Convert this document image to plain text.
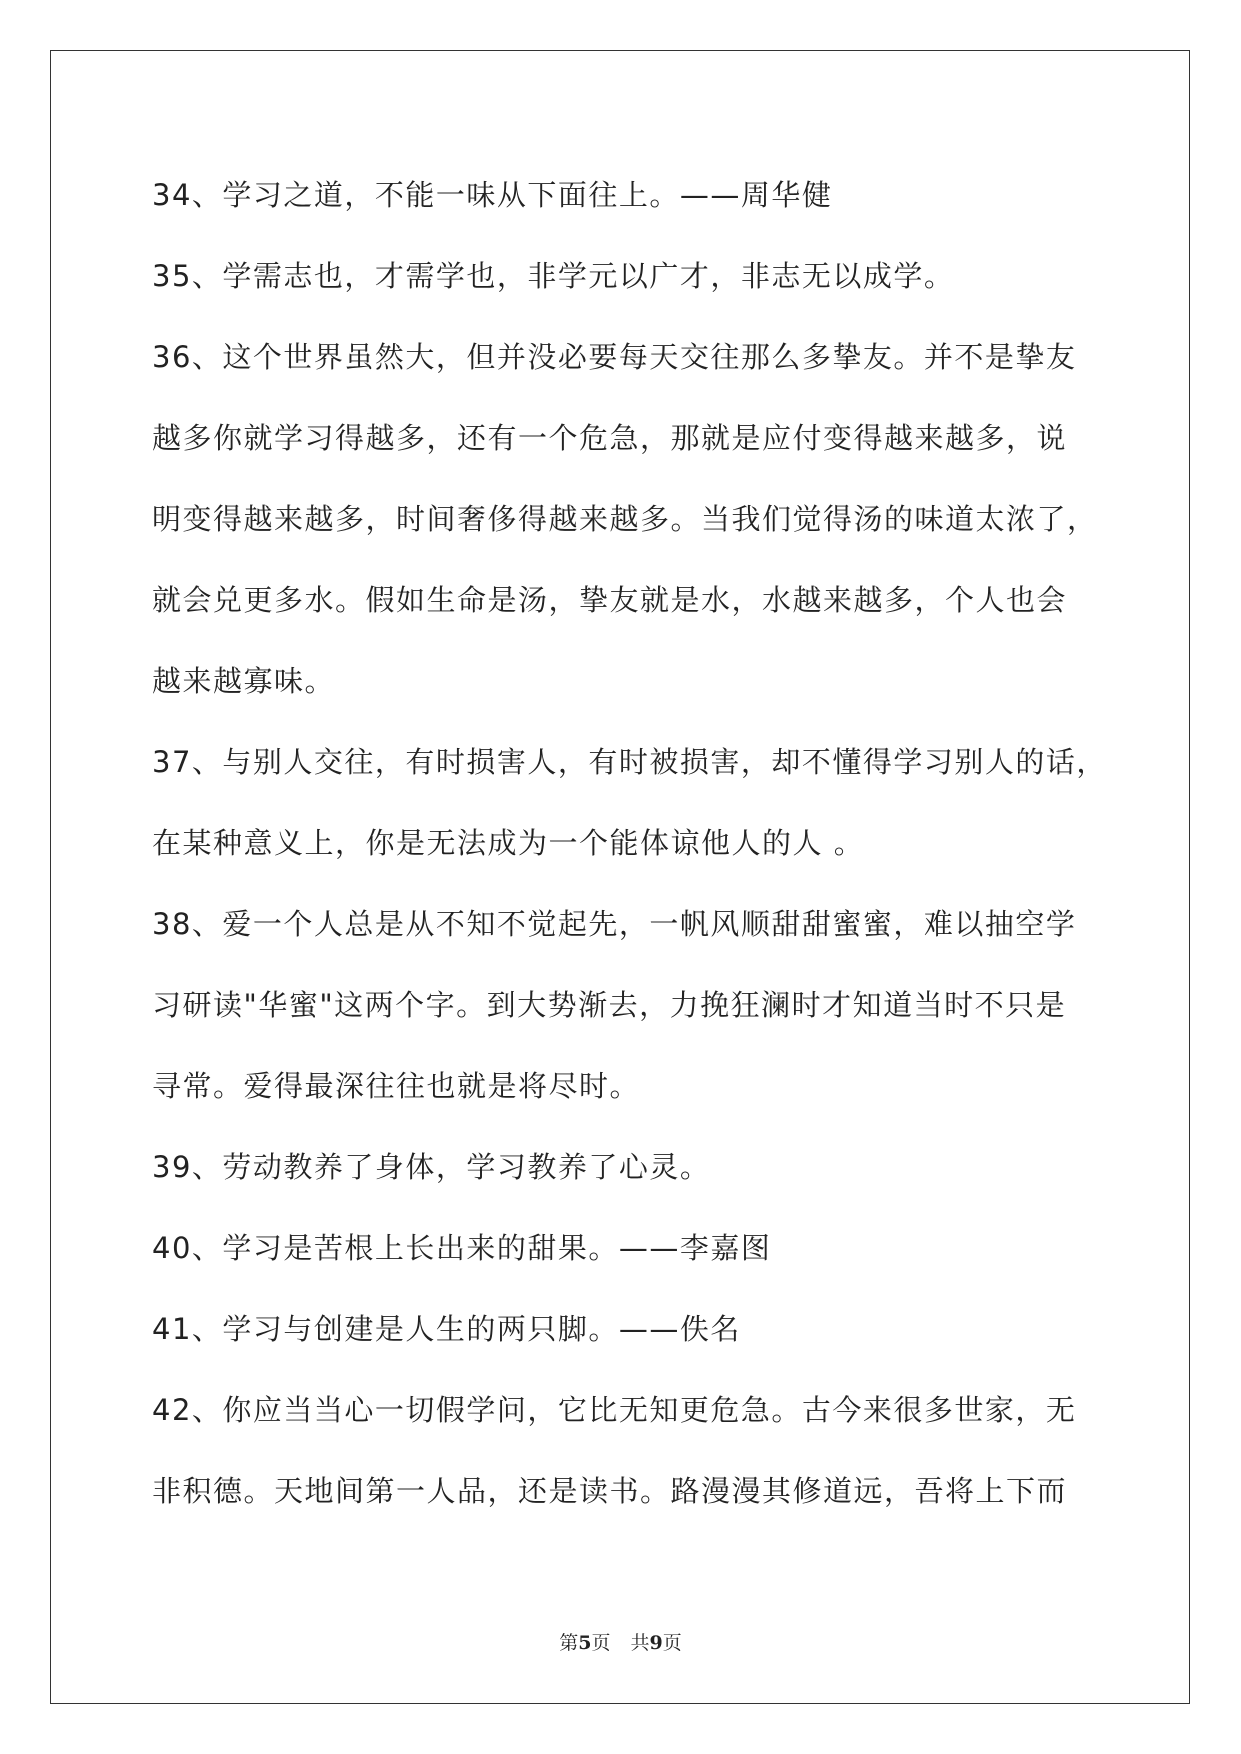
34、学习之道，不能一味从下面往上。——周华健
35、学需志也，才需学也，非学元以广才，非志无以成学。
36、这个世界虽然大，但并没必要每天交往那么多挚友。并不是挚友
越多你就学习得越多，还有一个危急，那就是应付变得越来越多，说
明变得越来越多，时间奢侈得越来越多。当我们觉得汤的味道太浓了，
就会兑更多水。假如生命是汤，挚友就是水，水越来越多，个人也会
越来越寡味。
37、与别人交往，有时损害人，有时被损害，却不懂得学习别人的话，
在某种意义上，你是无法成为一个能体谅他人的人 。
38、爱一个人总是从不知不觉起先，一帆风顺甜甜蜜蜜，难以抽空学
习研读"华蜜"这两个字。到大势渐去，力挽狂澜时才知道当时不只是
寻常。爱得最深往往也就是将尽时。
39、劳动教养了身体，学习教养了心灵。
40、学习是苦根上长出来的甜果。——李嘉图
41、学习与创建是人生的两只脚。——佚名
42、你应当当心一切假学问，它比无知更危急。古今来很多世家，无
非积德。天地间第一人品，还是读书。路漫漫其修道远，吾将上下而
第5页 共9页
